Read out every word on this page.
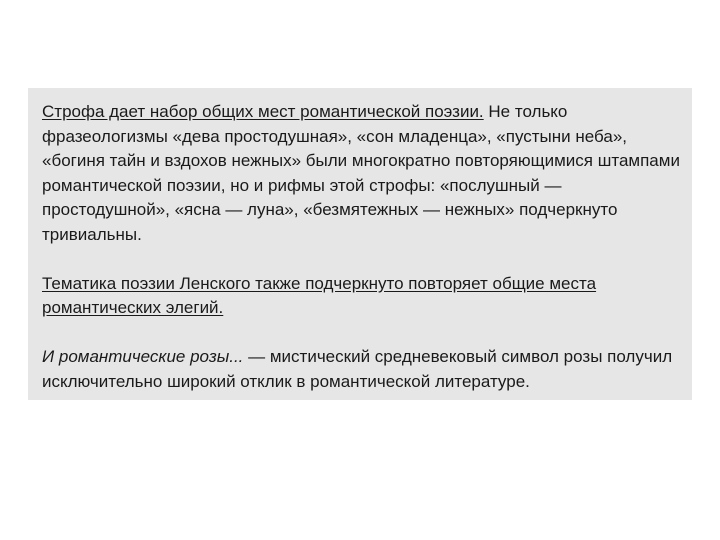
Строфа дает набор общих мест романтической поэзии. Не только фразеологизмы «дева простодушная», «сон младенца», «пустыни неба», «богиня тайн и вздохов нежных» были многократно повторяющимися штампами романтической поэзии, но и рифмы этой строфы: «послушный — простодушной», «ясна — луна», «безмятежных — нежных» подчеркнуто тривиальны.

Тематика поэзии Ленского также подчеркнуто повторяет общие места романтических элегий.

И романтические розы... — мистический средневековый символ розы получил исключительно широкий отклик в романтической литературе.
